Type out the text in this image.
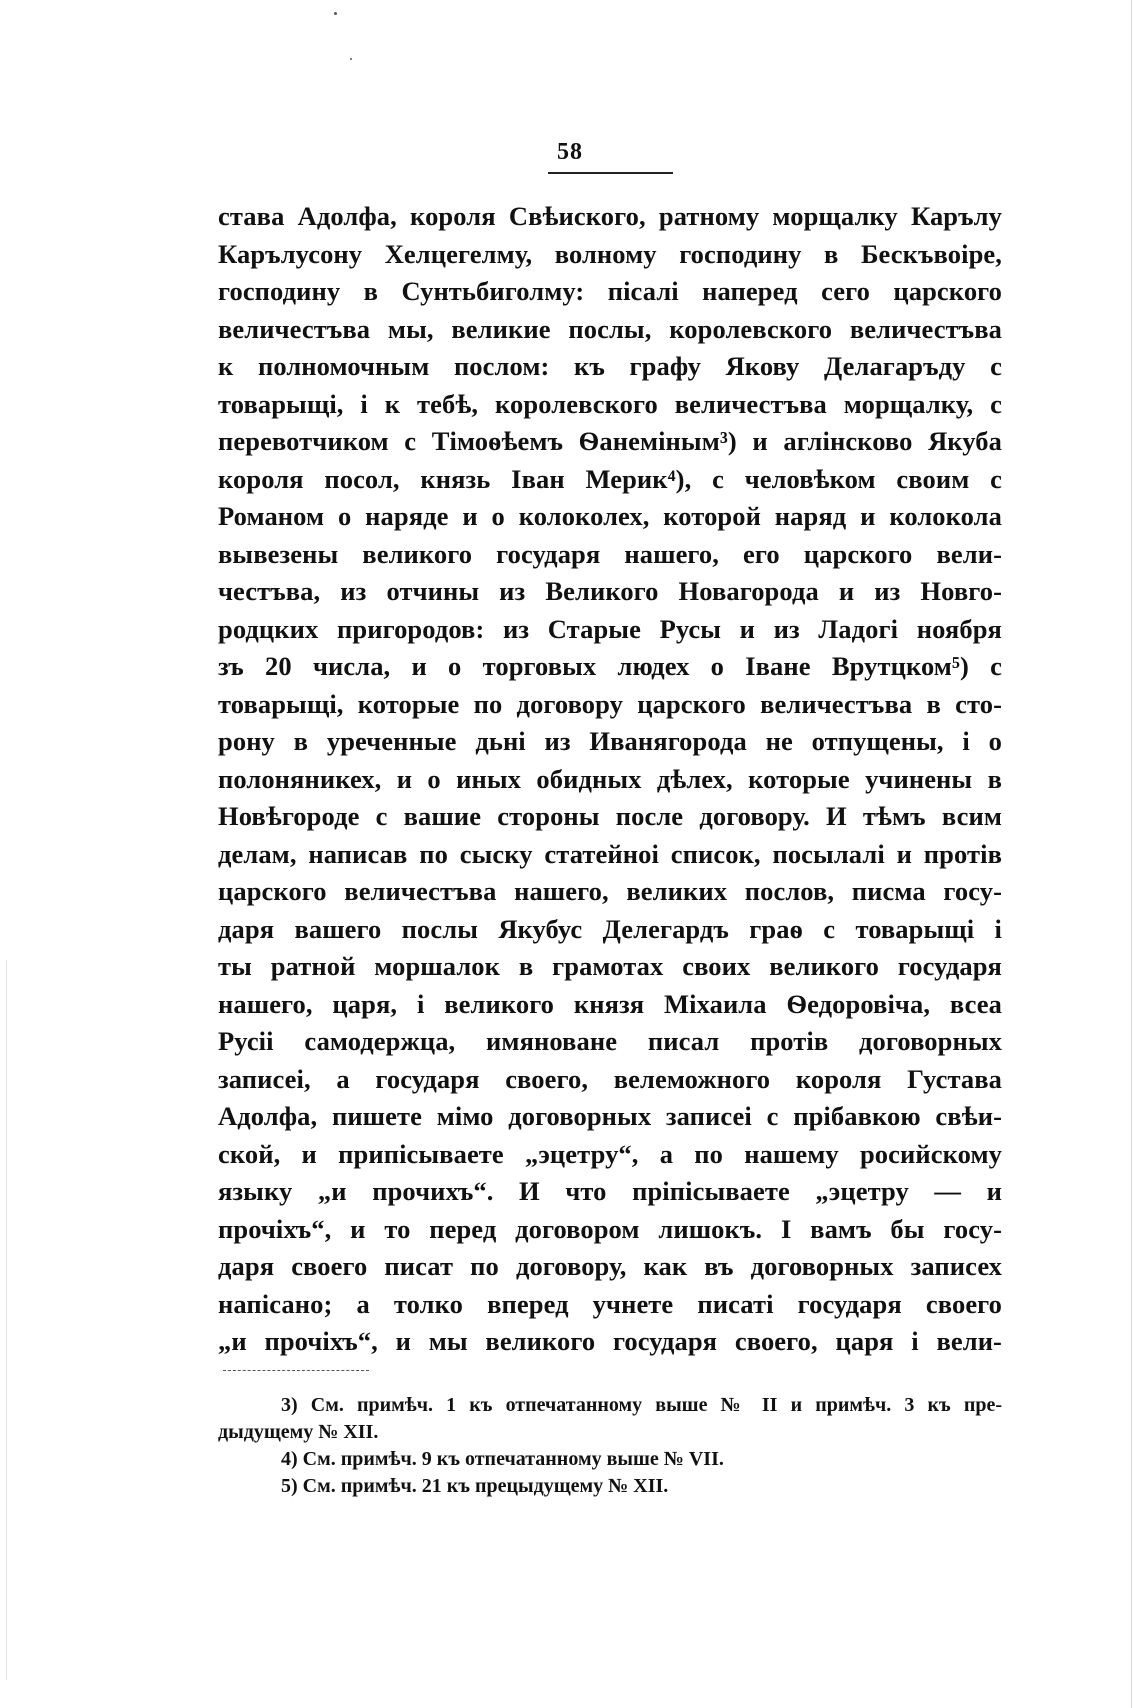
58
става Адолфа, короля Свѣиского, ратному морщалку Карълу
Карълусону Хелцегелму, волному господину в Бескъвоіре,
господину в Сунтьбиголму: пісалі наперед сего царского
величестъва мы, великие послы, королевского величестъва
к полномочным послом: къ графу Якову Делагаръду с
товарыщі, і к тебѣ, королевского величестъва морщалку, с
перевотчиком с Тімоѳѣемъ Ѳанеміным³) и аглінсково Якуба
короля посол, князь Іван Мерик⁴), с человѣком своим с
Романом о наряде и о колоколех, которой наряд и колокола
вывезены великого государя нашего, его царского вели-
честъва, из отчины из Великого Новагорода и из Новго-
родцких пригородов: из Старые Русы и из Ладогі ноября
зъ 20 числа, и о торговых людех о Іване Врутцком⁵) с
товарыщі, которые по договору царского величестъва в сто-
рону в уреченные дьні из Иванягорода не отпущены, і о
полоняникех, и о иных обидных дѣлех, которые учинены в
Новѣгороде с вашие стороны после договору. И тѣмъ всим
делам, написав по сыску статейноі список, посылалі и протів
царского величестъва нашего, великих послов, писма госу-
даря вашего послы Якубус Делегардъ граѳ с товарыщі і
ты ратной моршалок в грамотах своих великого государя
нашего, царя, і великого князя Міхаила Ѳедоровіча, всеа
Русіі самодержца, имяноване писал протів договорных
записеі, а государя своего, велеможного короля Густава
Адолфа, пишете мімо договорных записеі с прібавкою свѣи-
ской, и припісываете „эцетру“, а по нашему росийскому
языку „и прочихъ“. И что пріпісываете „эцетру — и
прочіхъ“, и то перед договором лишокъ. І вамъ бы госу-
даря своего писат по договору, как въ договорных записех
напісано; а толко вперед учнете писаті государя своего
„и прочіхъ“, и мы великого государя своего, царя і вели-
3) См. примѣч. 1 къ отпечатанному выше № II и примѣч. 3 къ пре-
дыдущему № XII.
4) См. примѣч. 9 къ отпечатанному выше № VII.
5) См. примѣч. 21 къ прецыдущему № XII.
